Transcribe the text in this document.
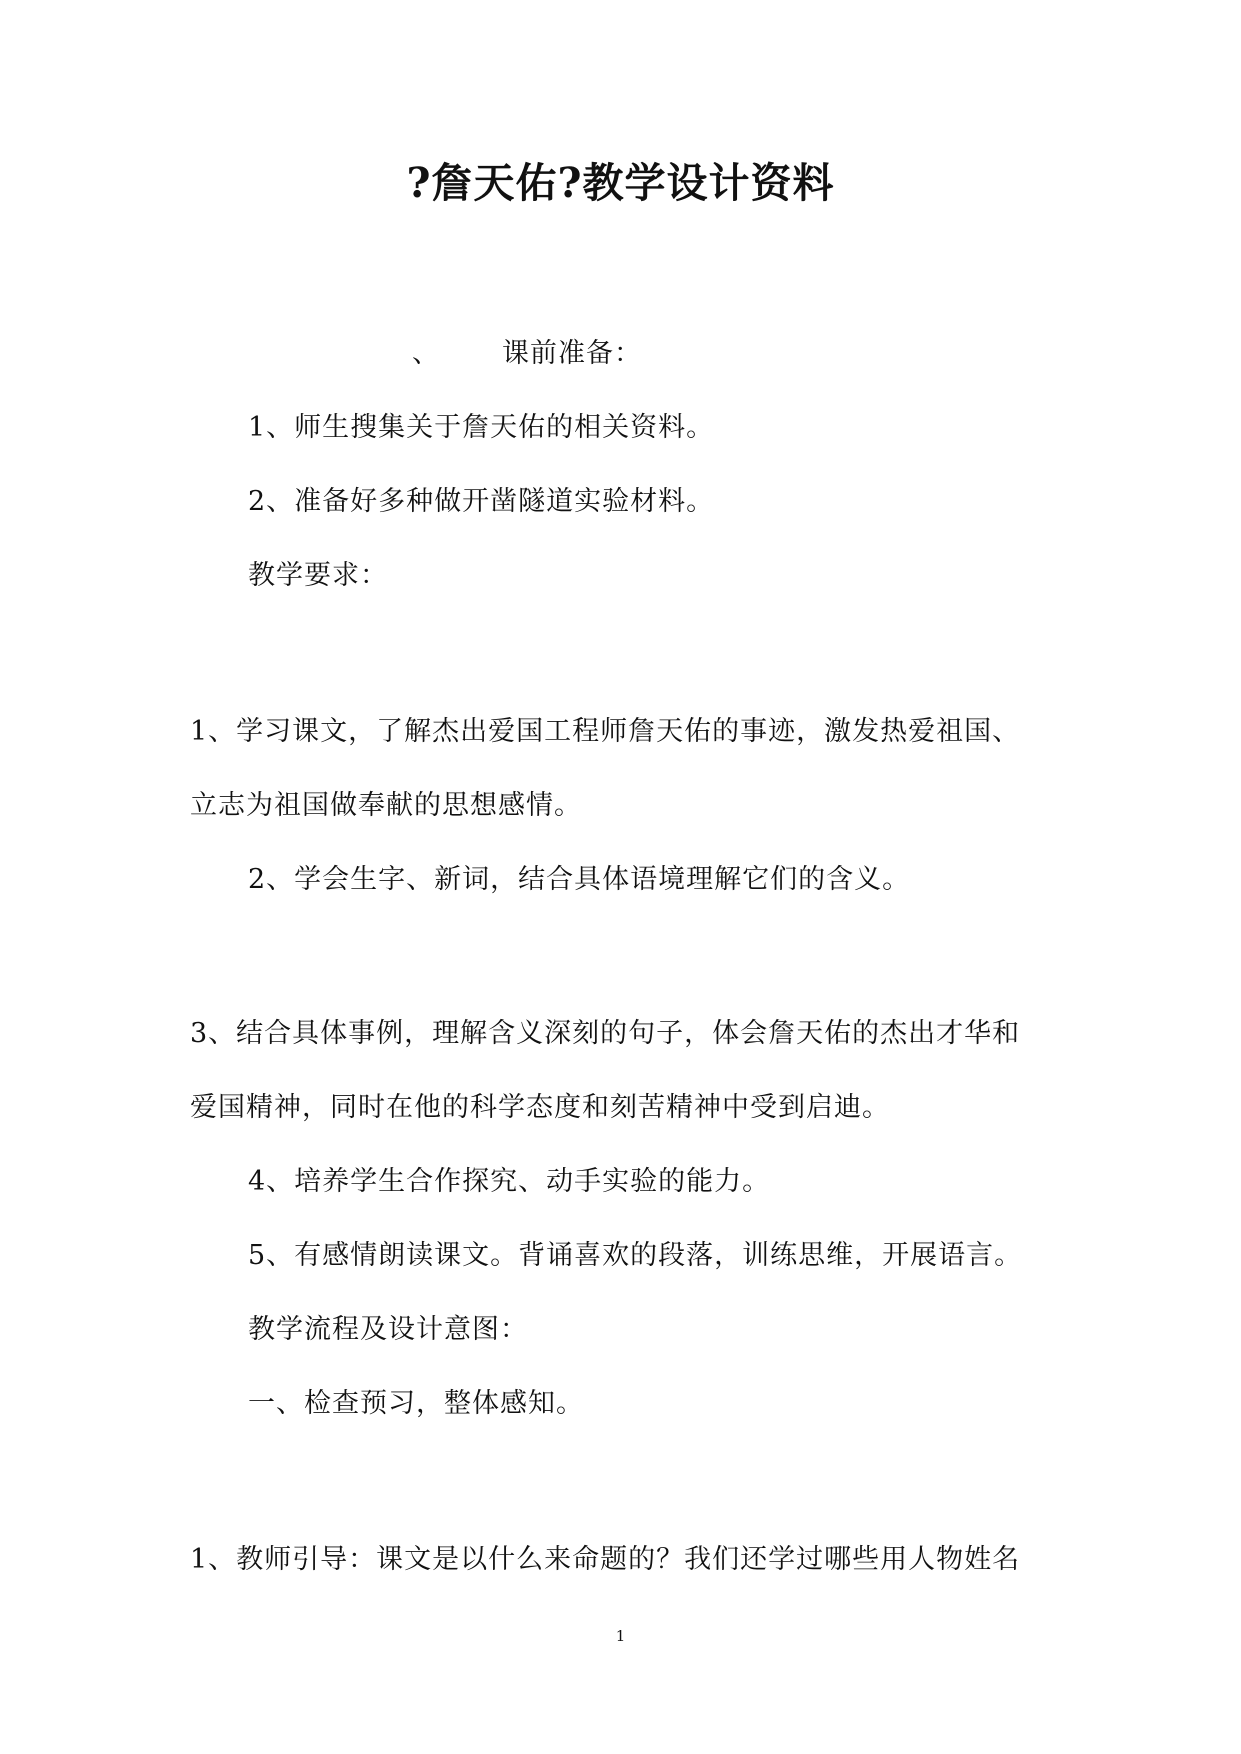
?詹天佑?教学设计资料
、 课前准备：
1、师生搜集关于詹天佑的相关资料。
2、准备好多种做开凿隧道实验材料。
教学要求：
1、学习课文，了解杰出爱国工程师詹天佑的事迹，激发热爱祖国、
立志为祖国做奉献的思想感情。
2、学会生字、新词，结合具体语境理解它们的含义。
3、结合具体事例，理解含义深刻的句子，体会詹天佑的杰出才华和
爱国精神，同时在他的科学态度和刻苦精神中受到启迪。
4、培养学生合作探究、动手实验的能力。
5、有感情朗读课文。背诵喜欢的段落，训练思维，开展语言。
教学流程及设计意图：
一、检查预习，整体感知。
1、教师引导：课文是以什么来命题的？我们还学过哪些用人物姓名
1
